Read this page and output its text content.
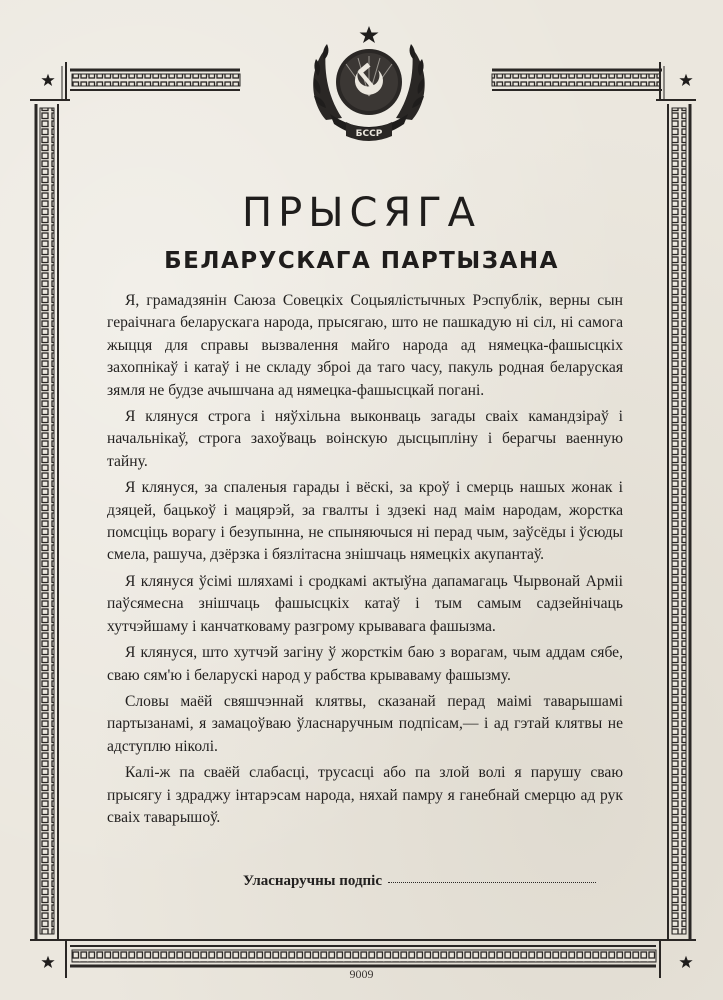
БССР
ПРЫСЯГА
БЕЛАРУСКАГА ПАРТЫЗАНА

Я, грамадзянін Саюза Совецкіх Соцыялістычных Рэспублік, верны сын гераічнага беларускага народа, прысягаю, што не пашкадую ні сіл, ні самога жыцця для справы вызвалення майго народа ад нямецка-фашысцкіх захопнікаў і катаў і не складу зброі да таго часу, пакуль родная беларуская зямля не будзе ачышчана ад нямецка-фашысцкай погані.

Я клянуся строга і няўхільна выконваць загады сваіх камандзіраў і начальнікаў, строга захоўваць воінскую дысцыпліну і берагчы ваенную тайну.

Я клянуся, за спаленыя гарады і вёскі, за кроў і смерць нашых жонак і дзяцей, бацькоў і мацярэй, за гвалты і здзекі над маім народам, жорстка помсціць ворагу і безупынна, не спыняючыся ні перад чым, заўсёды і ўсюды смела, рашуча, дзёрзка і бязлітасна знішчаць нямецкіх акупантаў.

Я клянуся ўсімі шляхамі і сродкамі актыўна дапамагаць Чырвонай Арміі паўсямесна знішчаць фашысцкіх катаў і тым самым садзейнічаць хутчэйшаму і канчатковаму разгрому крывавага фашызма.

Я клянуся, што хутчэй загіну ў жорсткім баю з ворагам, чым аддам сябе, сваю сям'ю і беларускі народ у рабства крываваму фашызму.

Словы маёй свяшчэннай клятвы, сказанай перад маімі таварышамі партызанамі, я замацоўваю ўласнаручным подпісам,— і ад гэтай клятвы не адступлю ніколі.

Калі-ж па сваёй слабасці, трусасці або па злой волі я парушу сваю прысягу і здраджу інтарэсам народа, няхай памру я ганебнай смерцю ад рук сваіх таварышоў.

Уласнаручны подпіс
9009
